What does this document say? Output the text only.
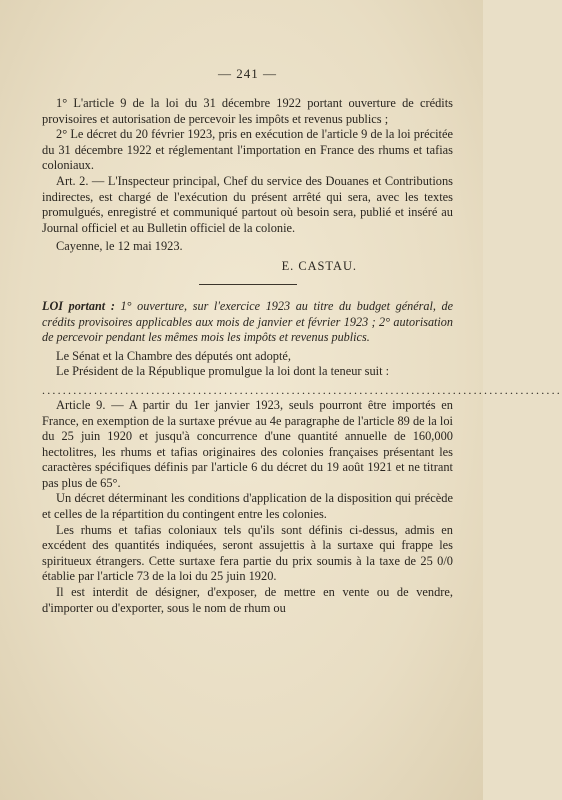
— 241 —

1° L'article 9 de la loi du 31 décembre 1922 portant ouverture de crédits provisoires et autorisation de percevoir les impôts et revenus publics ;

2° Le décret du 20 février 1923, pris en exécution de l'article 9 de la loi précitée du 31 décembre 1922 et réglementant l'importation en France des rhums et tafias coloniaux.

Art. 2. — L'Inspecteur principal, Chef du service des Douanes et Contributions indirectes, est chargé de l'exécution du présent arrêté qui sera, avec les textes promulgués, enregistré et communiqué partout où besoin sera, publié et inséré au Journal officiel et au Bulletin officiel de la colonie.

Cayenne, le 12 mai 1923.

E. CASTAU.

LOI portant : 1° ouverture, sur l'exercice 1923 au titre du budget général, de crédits provisoires applicables aux mois de janvier et février 1923 ; 2° autorisation de percevoir pendant les mêmes mois les impôts et revenus publics.

Le Sénat et la Chambre des députés ont adopté,

Le Président de la République promulgue la loi dont la teneur suit :

....................................................................................................

Article 9. — A partir du 1er janvier 1923, seuls pourront être importés en France, en exemption de la surtaxe prévue au 4e paragraphe de l'article 89 de la loi du 25 juin 1920 et jusqu'à concurrence d'une quantité annuelle de 160,000 hectolitres, les rhums et tafias originaires des colonies françaises présentant les caractères spécifiques définis par l'article 6 du décret du 19 août 1921 et ne titrant pas plus de 65°.

Un décret déterminant les conditions d'application de la disposition qui précède et celles de la répartition du contingent entre les colonies.

Les rhums et tafias coloniaux tels qu'ils sont définis ci-dessus, admis en excédent des quantités indiquées, seront assujettis à la surtaxe qui frappe les spiritueux étrangers. Cette surtaxe fera partie du prix soumis à la taxe de 25 0/0 établie par l'article 73 de la loi du 25 juin 1920.

Il est interdit de désigner, d'exposer, de mettre en vente ou de vendre, d'importer ou d'exporter, sous le nom de rhum ou
